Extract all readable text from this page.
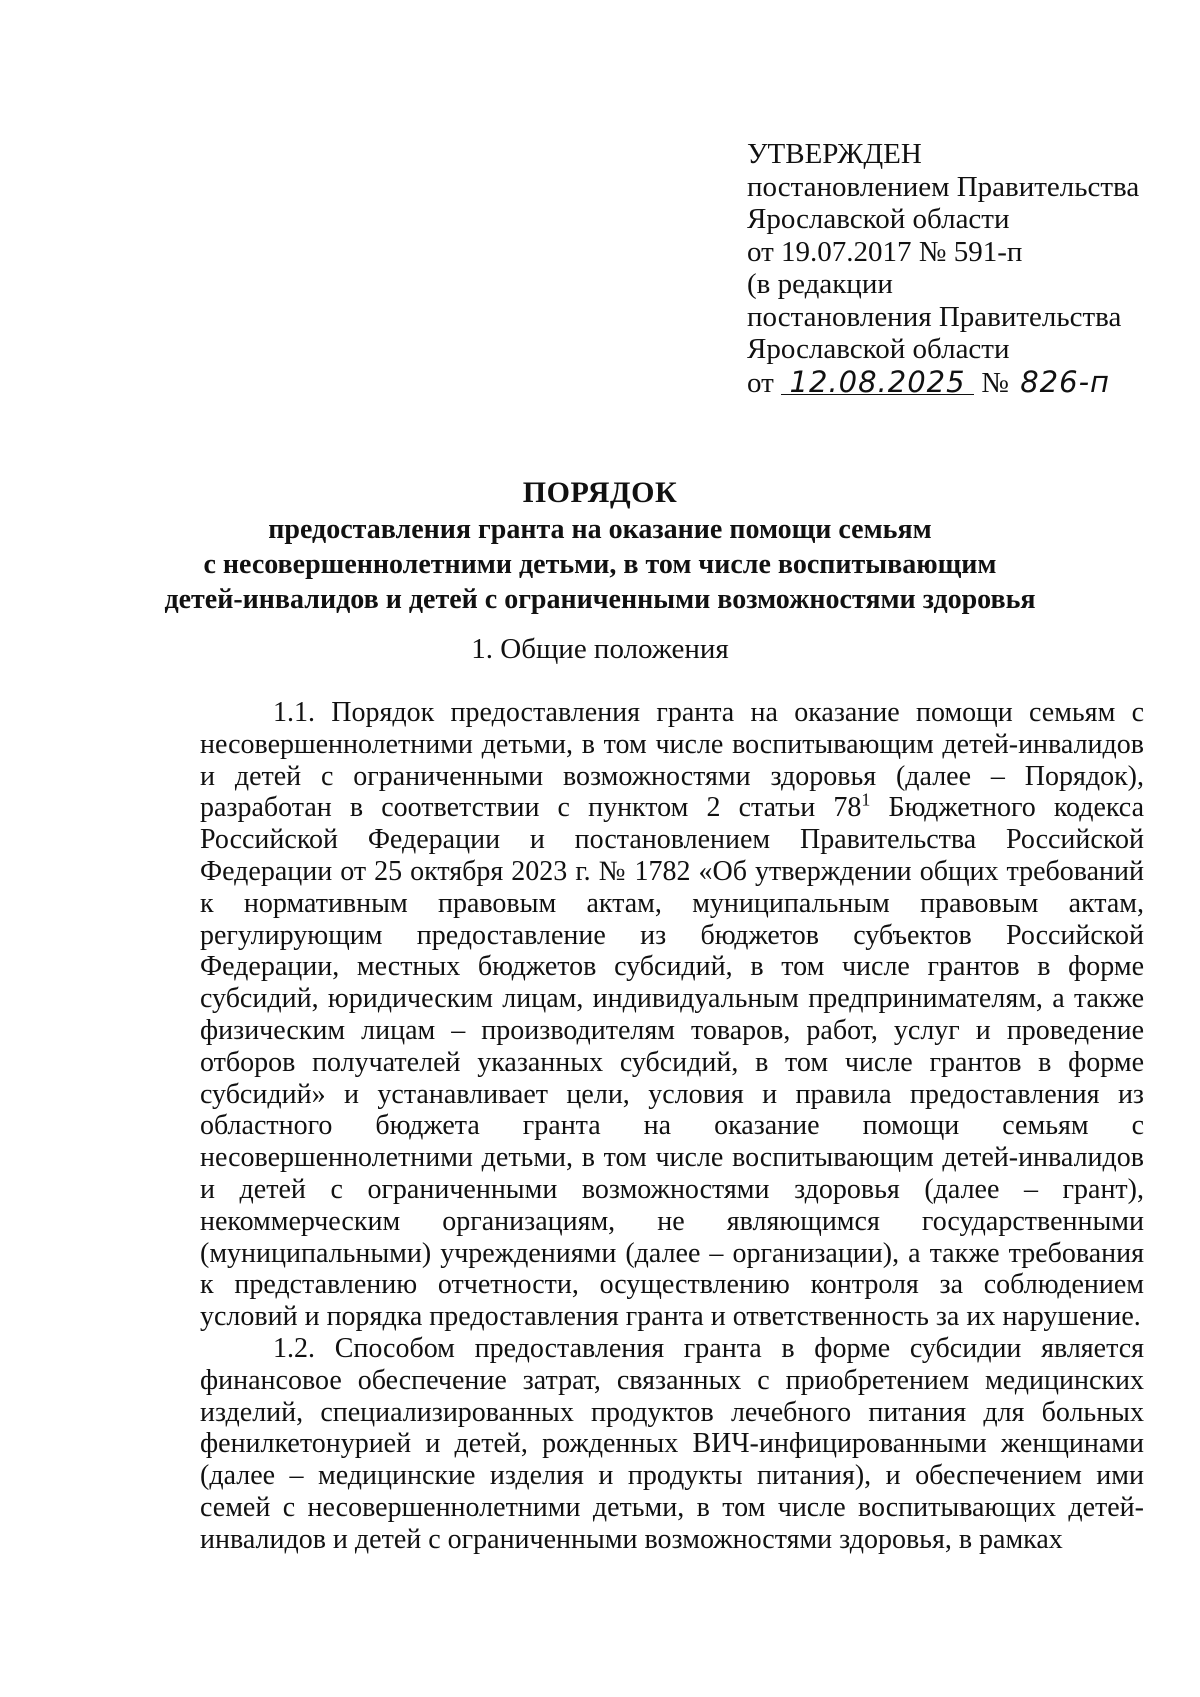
УТВЕРЖДЕН
постановлением Правительства
Ярославской области
от 19.07.2017 № 591-п
(в редакции
постановления Правительства
Ярославской области
от 12.08.2025 № 826-п
ПОРЯДОК
предоставления гранта на оказание помощи семьям
с несовершеннолетними детьми, в том числе воспитывающим
детей-инвалидов и детей с ограниченными возможностями здоровья
1. Общие положения

1.1. Порядок предоставления гранта на оказание помощи семьям с несовершеннолетними детьми, в том числе воспитывающим детей-инвалидов и детей с ограниченными возможностями здоровья (далее – Порядок), разработан в соответствии с пунктом 2 статьи $78^1$ Бюджетного кодекса Российской Федерации и постановлением Правительства Российской Федерации от 25 октября 2023 г. № 1782 «Об утверждении общих требований к нормативным правовым актам, муниципальным правовым актам, регулирующим предоставление из бюджетов субъектов Российской Федерации, местных бюджетов субсидий, в том числе грантов в форме субсидий, юридическим лицам, индивидуальным предпринимателям, а также физическим лицам – производителям товаров, работ, услуг и проведение отборов получателей указанных субсидий, в том числе грантов в форме субсидий» и устанавливает цели, условия и правила предоставления из областного бюджета гранта на оказание помощи семьям с несовершеннолетними детьми, в том числе воспитывающим детей-инвалидов и детей с ограниченными возможностями здоровья (далее – грант), некоммерческим организациям, не являющимся государственными (муниципальными) учреждениями (далее – организации), а также требования к представлению отчетности, осуществлению контроля за соблюдением условий и порядка предоставления гранта и ответственность за их нарушение.

1.2. Способом предоставления гранта в форме субсидии является финансовое обеспечение затрат, связанных с приобретением медицинских изделий, специализированных продуктов лечебного питания для больных фенилкетонурией и детей, рожденных ВИЧ-инфицированными женщинами (далее – медицинские изделия и продукты питания), и обеспечением ими семей с несовершеннолетними детьми, в том числе воспитывающих детей-инвалидов и детей с ограниченными возможностями здоровья, в рамках
